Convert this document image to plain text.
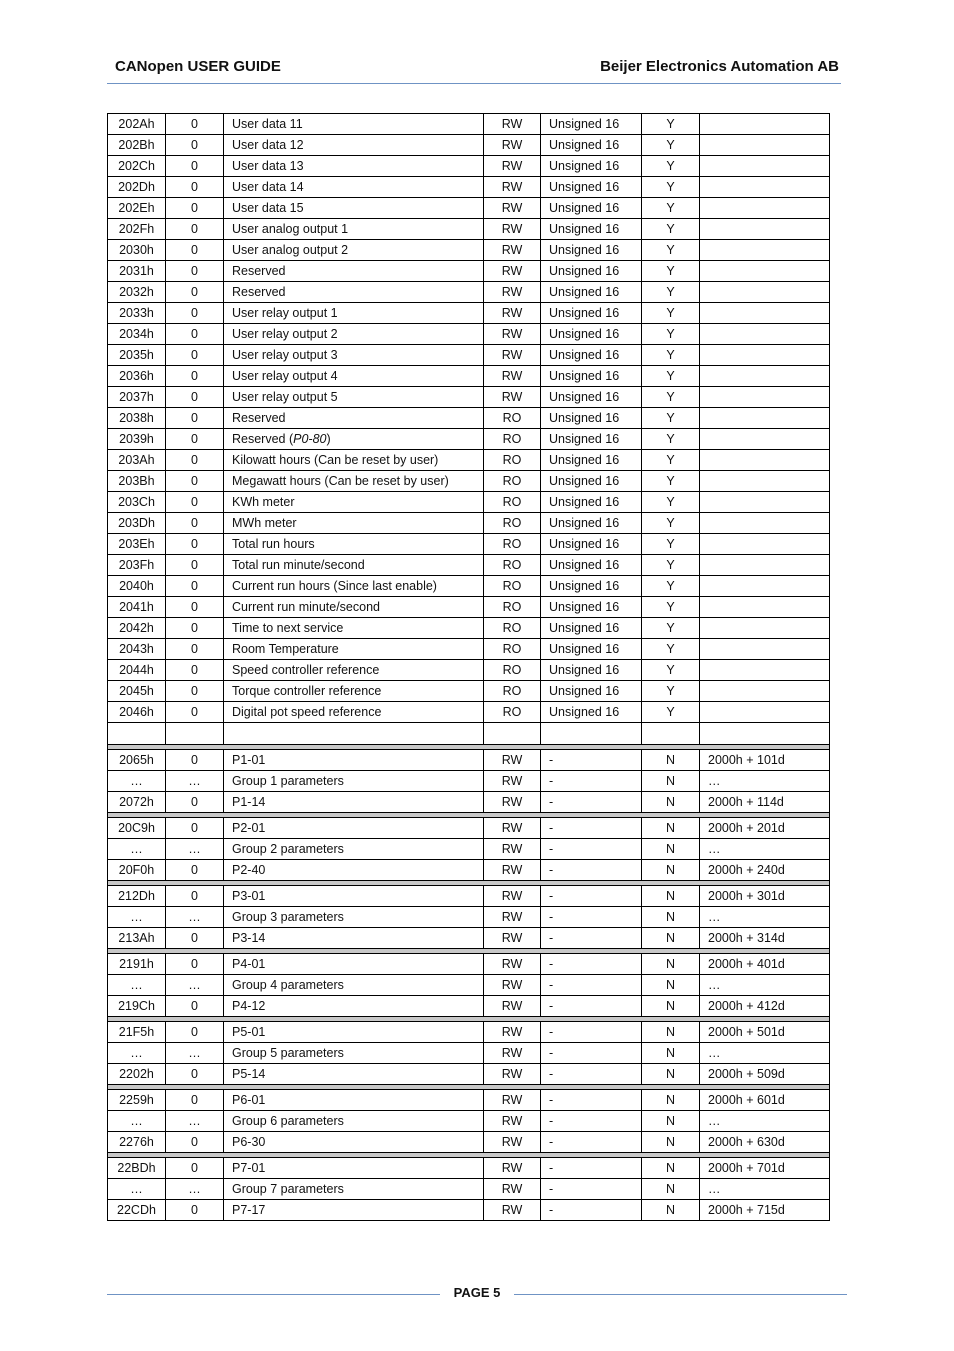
CANopen USER GUIDE	Beijer Electronics Automation AB
202Ah	0	User data 11	RW	Unsigned 16	Y	
202Bh	0	User data 12	RW	Unsigned 16	Y	
202Ch	0	User data 13	RW	Unsigned 16	Y	
202Dh	0	User data 14	RW	Unsigned 16	Y	
202Eh	0	User data 15	RW	Unsigned 16	Y	
202Fh	0	User analog output 1	RW	Unsigned 16	Y	
2030h	0	User analog output 2	RW	Unsigned 16	Y	
2031h	0	Reserved	RW	Unsigned 16	Y	
2032h	0	Reserved	RW	Unsigned 16	Y	
2033h	0	User relay output 1	RW	Unsigned 16	Y	
2034h	0	User relay output 2	RW	Unsigned 16	Y	
2035h	0	User relay output 3	RW	Unsigned 16	Y	
2036h	0	User relay output 4	RW	Unsigned 16	Y	
2037h	0	User relay output 5	RW	Unsigned 16	Y	
2038h	0	Reserved	RO	Unsigned 16	Y	
2039h	0	Reserved (P0-80)	RO	Unsigned 16	Y	
203Ah	0	Kilowatt hours (Can be reset by user)	RO	Unsigned 16	Y	
203Bh	0	Megawatt hours (Can be reset by user)	RO	Unsigned 16	Y	
203Ch	0	KWh meter	RO	Unsigned 16	Y	
203Dh	0	MWh meter	RO	Unsigned 16	Y	
203Eh	0	Total run hours	RO	Unsigned 16	Y	
203Fh	0	Total run minute/second	RO	Unsigned 16	Y	
2040h	0	Current run hours (Since last enable)	RO	Unsigned 16	Y	
2041h	0	Current run minute/second	RO	Unsigned 16	Y	
2042h	0	Time to next service	RO	Unsigned 16	Y	
2043h	0	Room Temperature	RO	Unsigned 16	Y	
2044h	0	Speed controller reference	RO	Unsigned 16	Y	
2045h	0	Torque controller reference	RO	Unsigned 16	Y	
2046h	0	Digital pot speed reference	RO	Unsigned 16	Y	

2065h	0	P1-01	RW	-	N	2000h + 101d
…	…	Group 1 parameters	RW	-	N	…
2072h	0	P1-14	RW	-	N	2000h + 114d

20C9h	0	P2-01	RW	-	N	2000h + 201d
…	…	Group 2 parameters	RW	-	N	…
20F0h	0	P2-40	RW	-	N	2000h + 240d

212Dh	0	P3-01	RW	-	N	2000h + 301d
…	…	Group 3 parameters	RW	-	N	…
213Ah	0	P3-14	RW	-	N	2000h + 314d

2191h	0	P4-01	RW	-	N	2000h + 401d
…	…	Group 4 parameters	RW	-	N	…
219Ch	0	P4-12	RW	-	N	2000h + 412d

21F5h	0	P5-01	RW	-	N	2000h + 501d
…	…	Group 5 parameters	RW	-	N	…
2202h	0	P5-14	RW	-	N	2000h + 509d

2259h	0	P6-01	RW	-	N	2000h + 601d
…	…	Group 6 parameters	RW	-	N	…
2276h	0	P6-30	RW	-	N	2000h + 630d

22BDh	0	P7-01	RW	-	N	2000h + 701d
…	…	Group 7 parameters	RW	-	N	…
22CDh	0	P7-17	RW	-	N	2000h + 715d
PAGE 5
